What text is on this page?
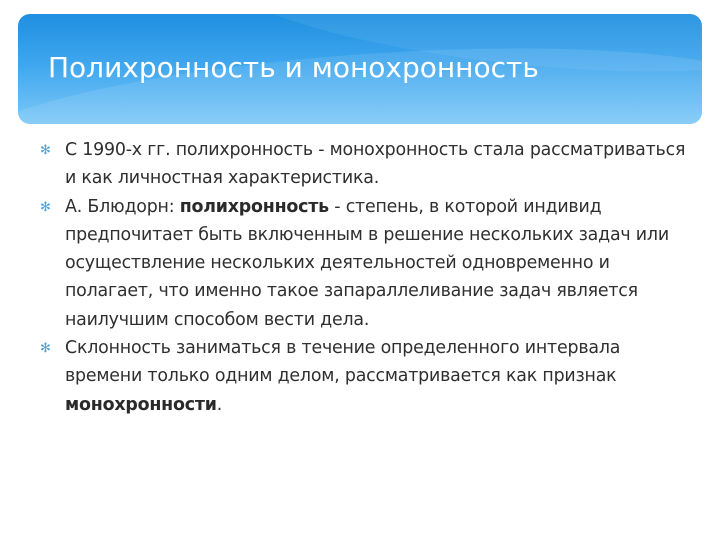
Полихронность и монохронность
✻ С 1990-х гг. полихронность - монохронность стала рассматриваться и как личностная характеристика.
✻ А. Блюдорн: полихронность - степень, в которой индивид предпочитает быть включенным в решение нескольких задач или осуществление нескольких деятельностей одновременно и полагает, что именно такое запараллеливание задач является наилучшим способом вести дела.
✻ Склонность заниматься в течение определенного интервала времени только одним делом, рассматривается как признак монохронности.
